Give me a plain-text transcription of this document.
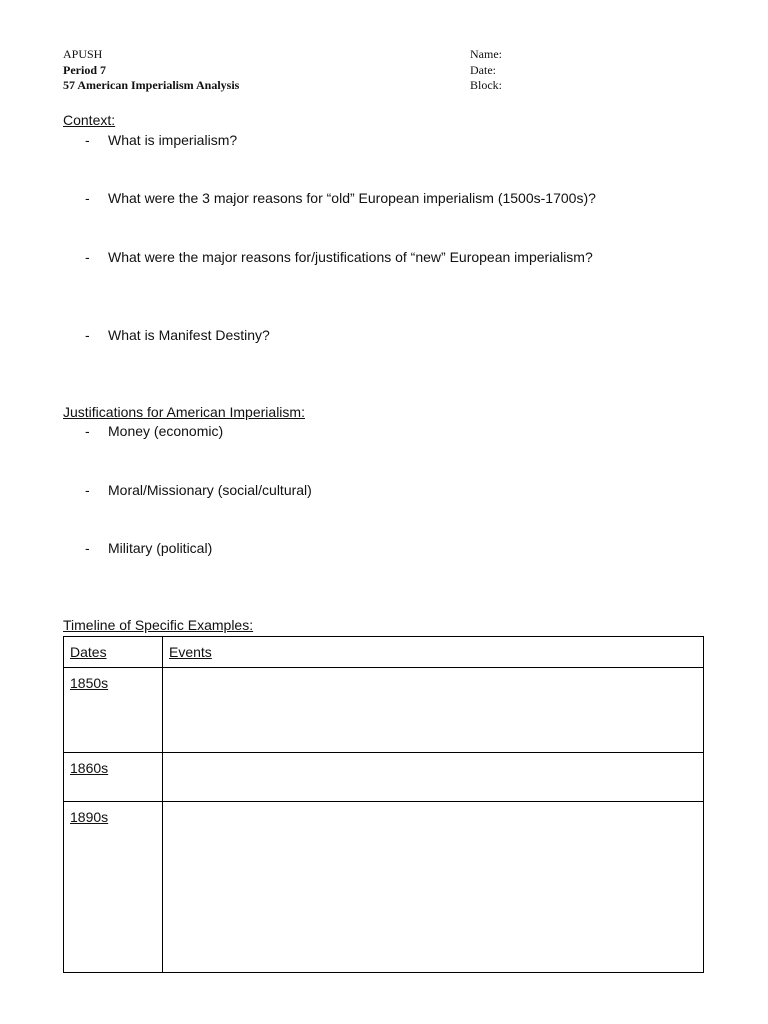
APUSH
Period 7
57 American Imperialism Analysis
Name:
Date:
Block:
Context:
- What is imperialism?
- What were the 3 major reasons for “old” European imperialism (1500s-1700s)?
- What were the major reasons for/justifications of “new” European imperialism?
- What is Manifest Destiny?
Justifications for American Imperialism:
- Money (economic)
- Moral/Missionary (social/cultural)
- Military (political)
Timeline of Specific Examples:
Dates	Events
1850s	
1860s	
1890s	
